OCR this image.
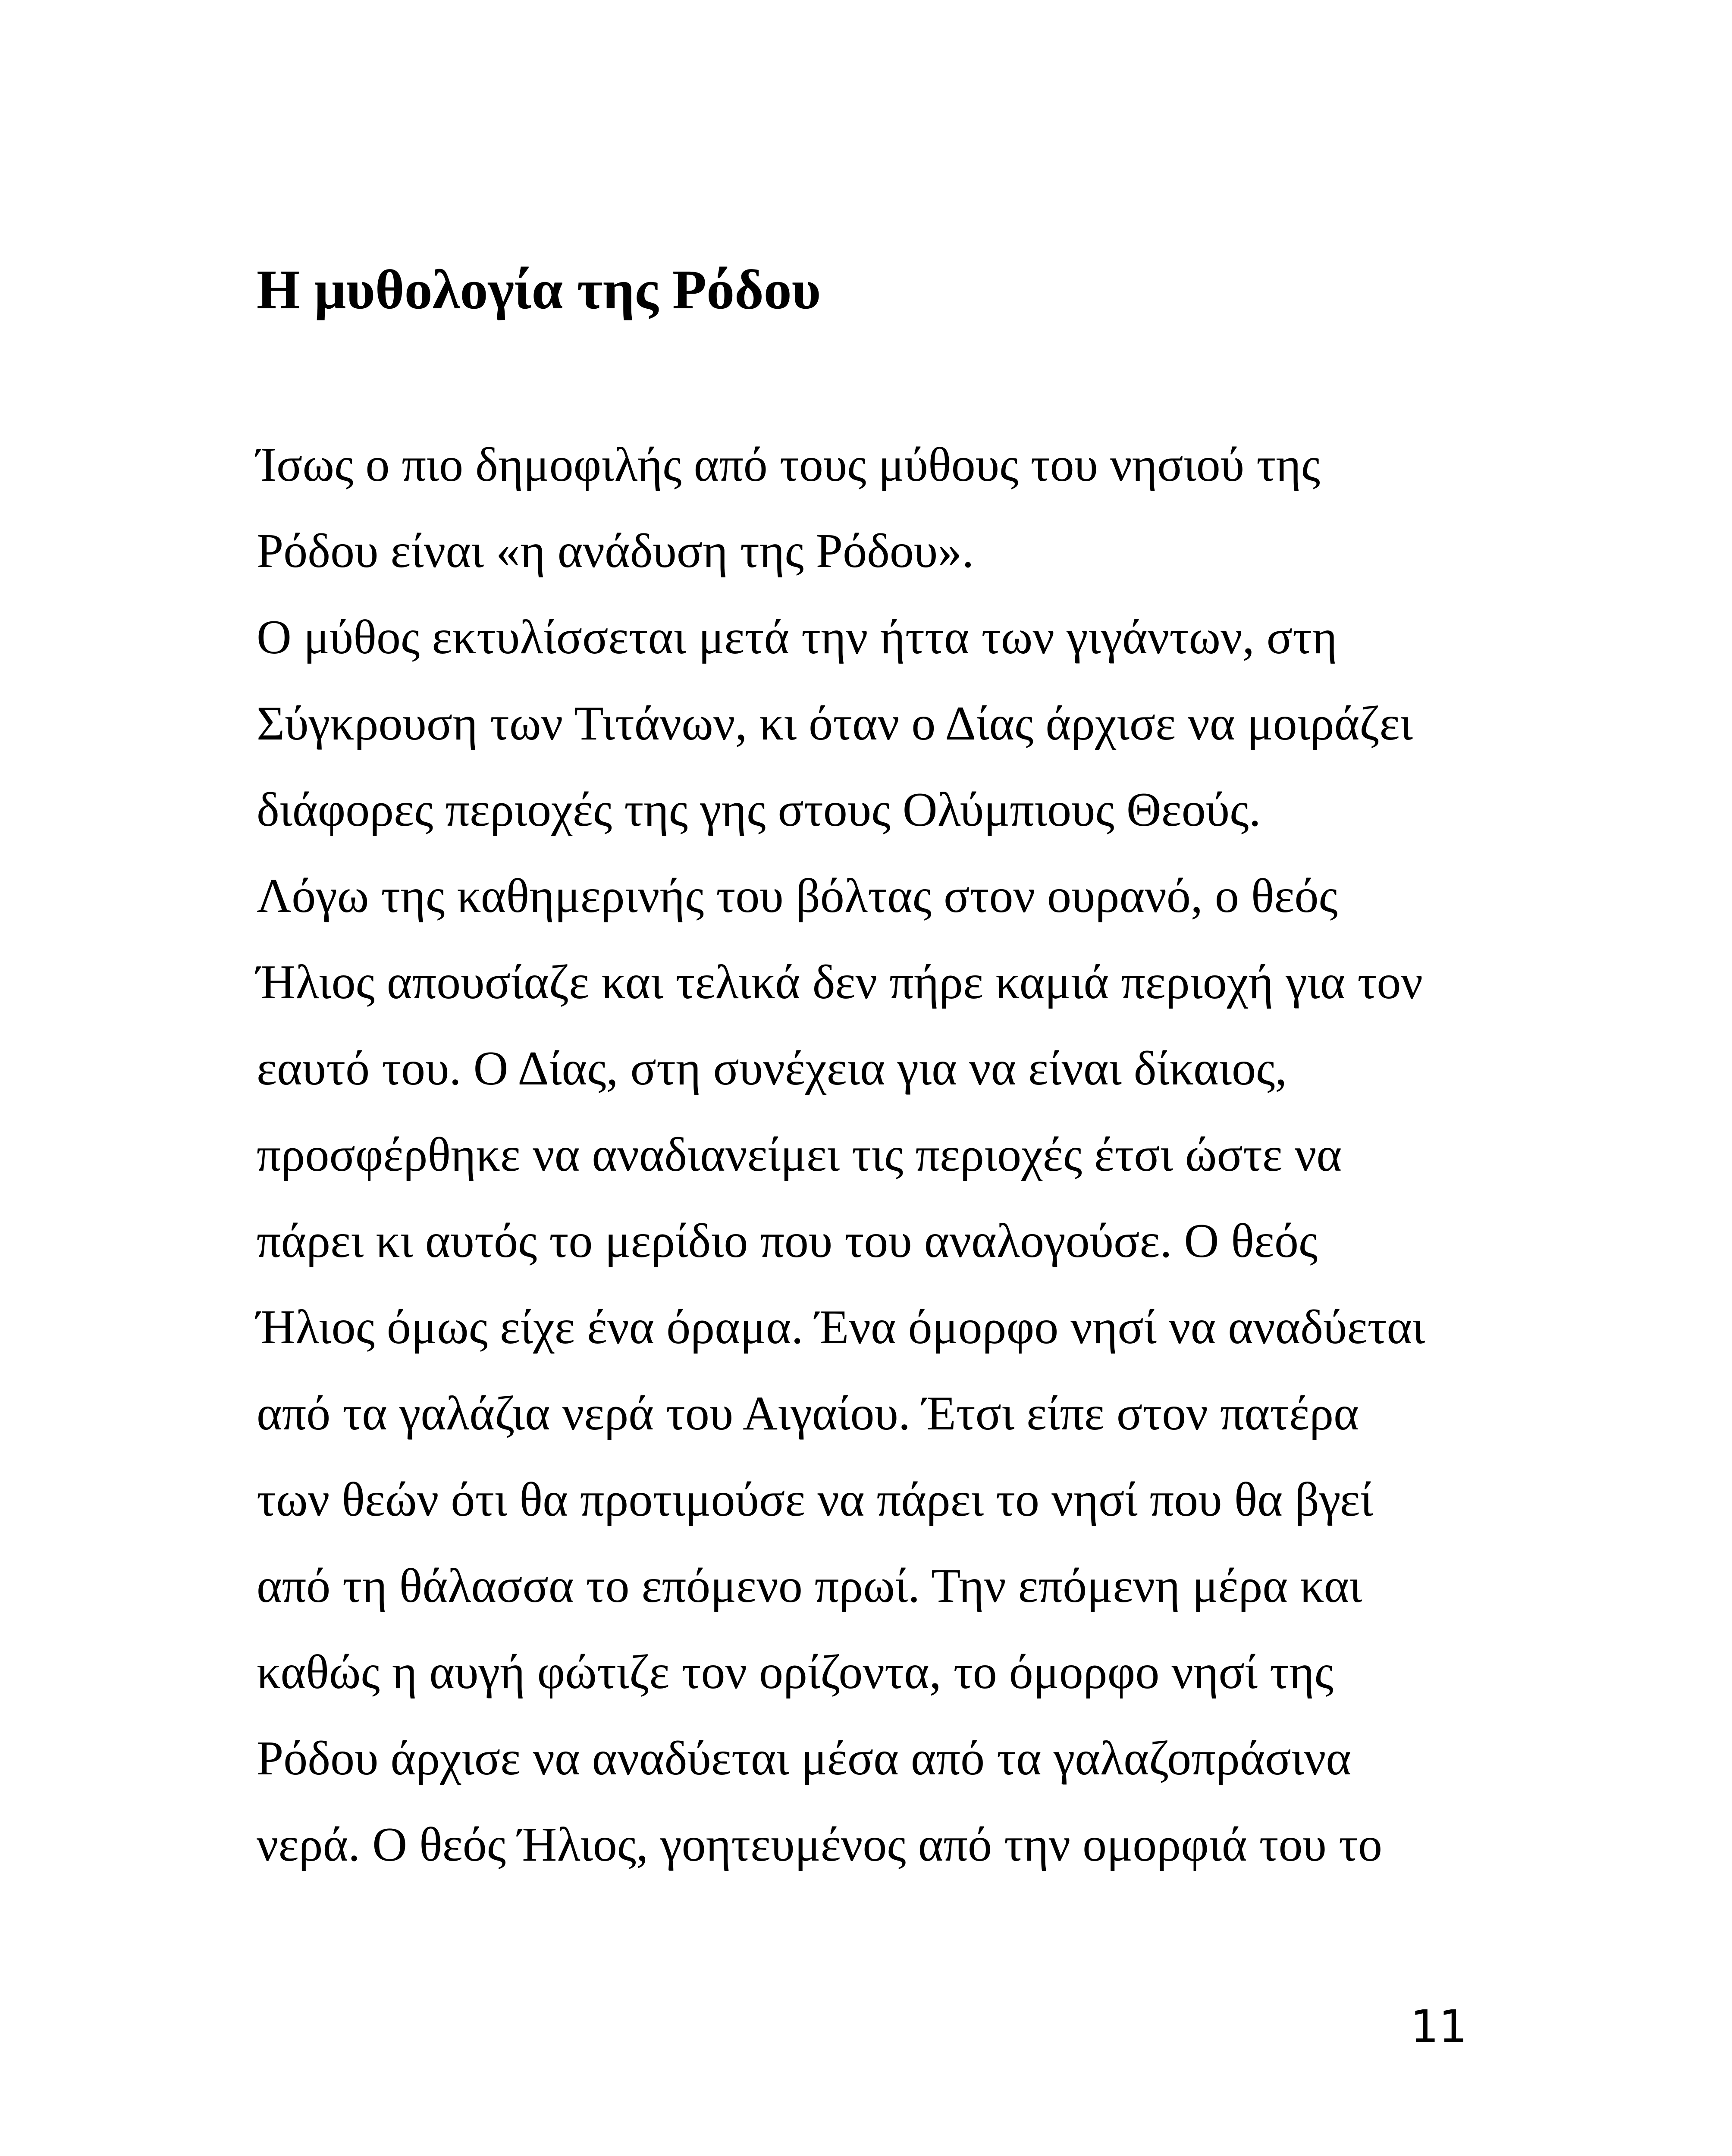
Η μυθολογία της Ρόδου
Ίσως ο πιο δημοφιλής από τους μύθους του νησιού της
Ρόδου είναι «η ανάδυση της Ρόδου».
Ο μύθος εκτυλίσσεται μετά την ήττα των γιγάντων, στη
Σύγκρουση των Τιτάνων, κι όταν ο Δίας άρχισε να μοιράζει
διάφορες περιοχές της γης στους Ολύμπιους Θεούς.
Λόγω της καθημερινής του βόλτας στον ουρανό, ο θεός
Ήλιος απουσίαζε και τελικά δεν πήρε καμιά περιοχή για τον
εαυτό του. Ο Δίας, στη συνέχεια για να είναι δίκαιος,
προσφέρθηκε να αναδιανείμει τις περιοχές έτσι ώστε να
πάρει κι αυτός το μερίδιο που του αναλογούσε. Ο θεός
Ήλιος όμως είχε ένα όραμα. Ένα όμορφο νησί να αναδύεται
από τα γαλάζια νερά του Αιγαίου. Έτσι είπε στον πατέρα
των θεών ότι θα προτιμούσε να πάρει το νησί που θα βγεί
από τη θάλασσα το επόμενο πρωί. Την επόμενη μέρα και
καθώς η αυγή φώτιζε τον ορίζοντα, το όμορφο νησί της
Ρόδου άρχισε να αναδύεται μέσα από τα γαλαζοπράσινα
νερά. Ο θεός Ήλιος, γοητευμένος από την ομορφιά του το
11
